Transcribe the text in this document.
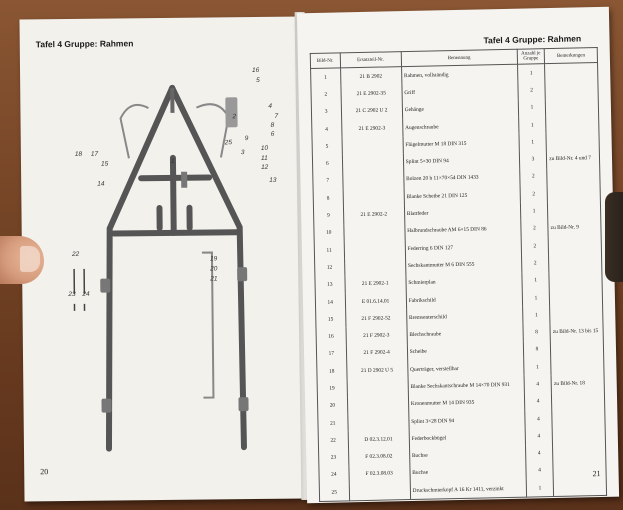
Tafel 4 Gruppe: Rahmen
16
5
2
4
7
8
6
9
25
3
10
11
12
13
1
18 17
15
14
19
20
21
22
23 24
20
Tafel 4 Gruppe: Rahmen
Bild-Nr.	Ersatzteil-Nr.	Benennung	Anzahl je Gruppe	Bemerkungen
1	21 B 2902	Rahmen, vollständig	1	
2	21 E 2902-35	Griff	2	
3	21 C 2902 U 2	Gehänge	1	
4	21 E 2902-3	Augenschraube	1	
5		Flügelmutter M 18 DIN 315	1	
6		Splint 5×30 DIN 94	3	zu Bild-Nr. 4 und 7
7		Bolzen 20 h 11×70×54 DIN 1433	2	
8		Blanke Scheibe 21 DIN 125	2	
9	21 E 2902-2	Blattfeder	1	
10		Halbrundschraube AM 6×15 DIN 86	2	zu Bild-Nr. 9
11		Federring 6 DIN 127	2	
12		Sechskantmutter M 6 DIN 555	2	
13	21 E 2902-1	Schmierplan	1	
14	E 01.6.14.01	Fabrikschild	1	
15	21 F 2902-52	Bremsenterschild	1	
16	21 F 2902-3	Blechschraube	8	zu Bild-Nr. 13 bis 15
17	21 F 2902-4	Scheibe	8	
18	21 D 2902 U 5	Querträger, verstellbar	1	
19		Blanke Sechskantschraube M 14×70 DIN 931	4	zu Bild-Nr. 18
20		Kronenmutter M 14 DIN 935	4	
21		Splint 3×28 DIN 94	4	
22	D 02.3.12.01	Federbockbügel	4	
23	F 02.3.08.02	Buchse	4	
24	F 02.3.08.03	Buchse	4	
25		Druckschmierkopf A 16 Kr 1411, verzinkt	1	
21
